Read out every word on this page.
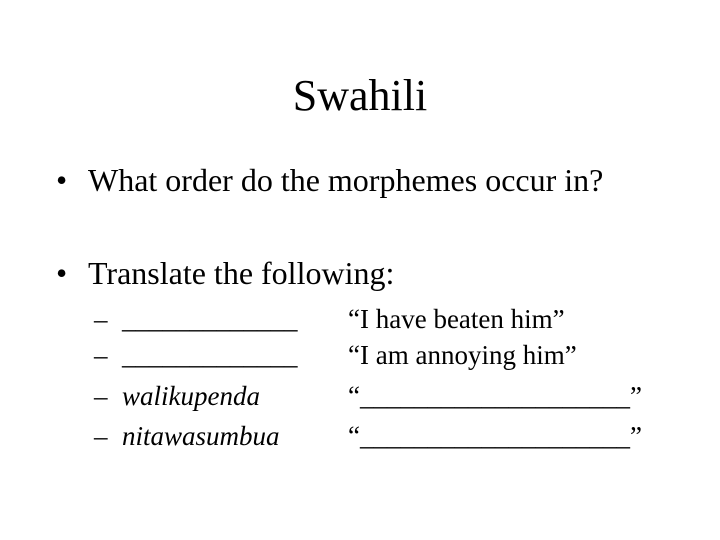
Swahili
• What order do the morphemes occur in?
• Translate the following:
– _____________ “I have beaten him”
– _____________ “I am annoying him”
– walikupenda	“____________________”
– nitawasumbua	“____________________”
